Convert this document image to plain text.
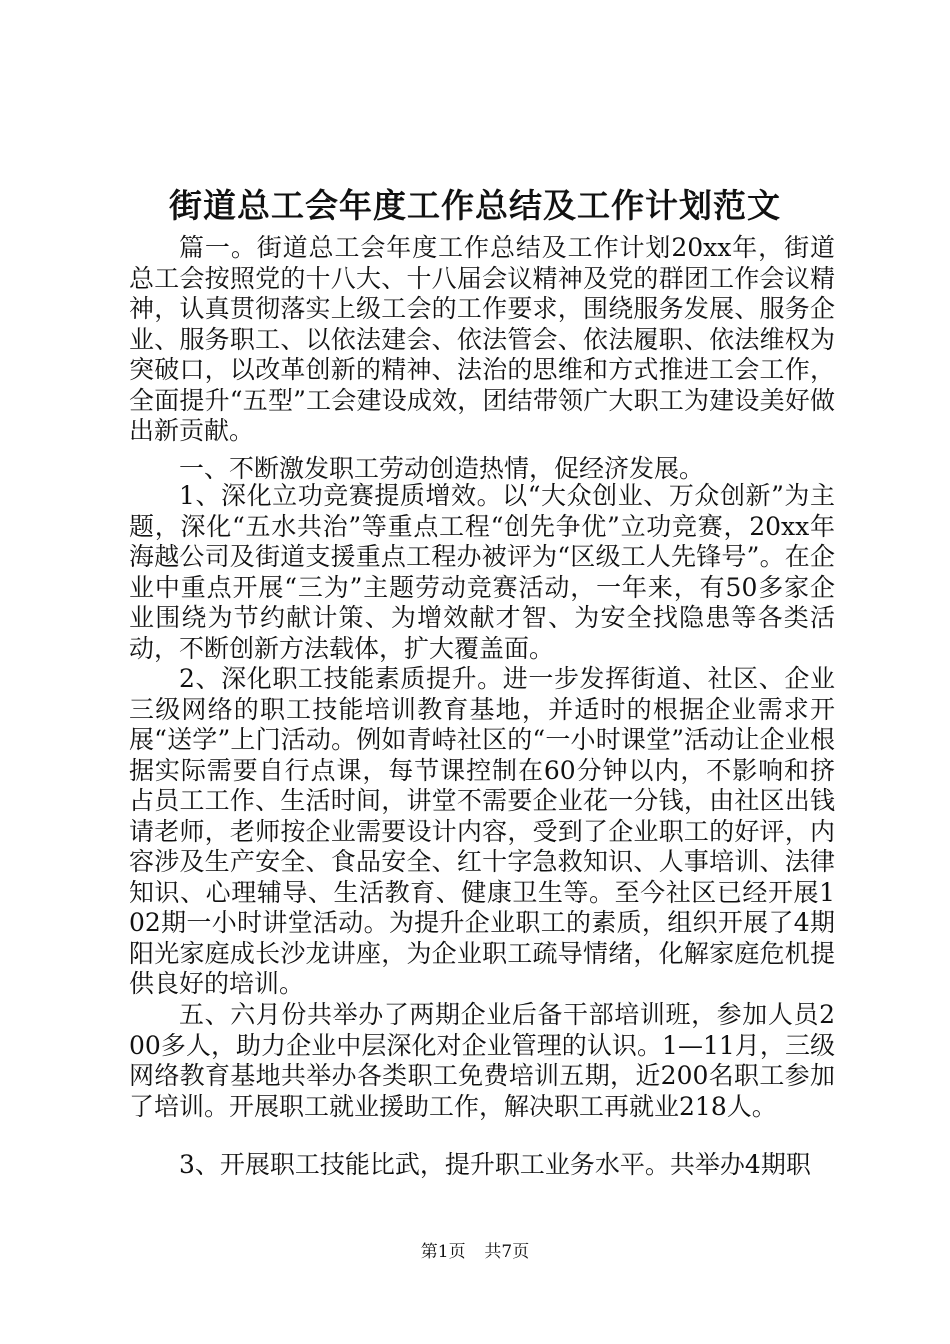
街道总工会年度工作总结及工作计划范文

篇一。街道总工会年度工作总结及工作计划20xx年，街道总工会按照党的十八大、十八届会议精神及党的群团工作会议精神，认真贯彻落实上级工会的工作要求，围绕服务发展、服务企业、服务职工、以依法建会、依法管会、依法履职、依法维权为突破口，以改革创新的精神、法治的思维和方式推进工会工作，全面提升“五型”工会建设成效，团结带领广大职工为建设美好做出新贡献。

一、不断激发职工劳动创造热情，促经济发展。

1、深化立功竞赛提质增效。以“大众创业、万众创新”为主题，深化“五水共治”等重点工程“创先争优”立功竞赛，20xx年海越公司及街道支援重点工程办被评为“区级工人先锋号”。在企业中重点开展“三为”主题劳动竞赛活动，一年来，有50多家企业围绕为节约献计策、为增效献才智、为安全找隐患等各类活动，不断创新方法载体，扩大覆盖面。

2、深化职工技能素质提升。进一步发挥街道、社区、企业三级网络的职工技能培训教育基地，并适时的根据企业需求开展“送学”上门活动。例如青峙社区的“一小时课堂”活动让企业根据实际需要自行点课，每节课控制在60分钟以内，不影响和挤占员工工作、生活时间，讲堂不需要企业花一分钱，由社区出钱请老师，老师按企业需要设计内容，受到了企业职工的好评，内容涉及生产安全、食品安全、红十字急救知识、人事培训、法律知识、心理辅导、生活教育、健康卫生等。至今社区已经开展102期一小时讲堂活动。为提升企业职工的素质，组织开展了4期阳光家庭成长沙龙讲座，为企业职工疏导情绪，化解家庭危机提供良好的培训。

五、六月份共举办了两期企业后备干部培训班，参加人员200多人，助力企业中层深化对企业管理的认识。1—11月，三级网络教育基地共举办各类职工免费培训五期，近200名职工参加了培训。开展职工就业援助工作，解决职工再就业218人。

3、开展职工技能比武，提升职工业务水平。共举办4期职

第1页 共7页
